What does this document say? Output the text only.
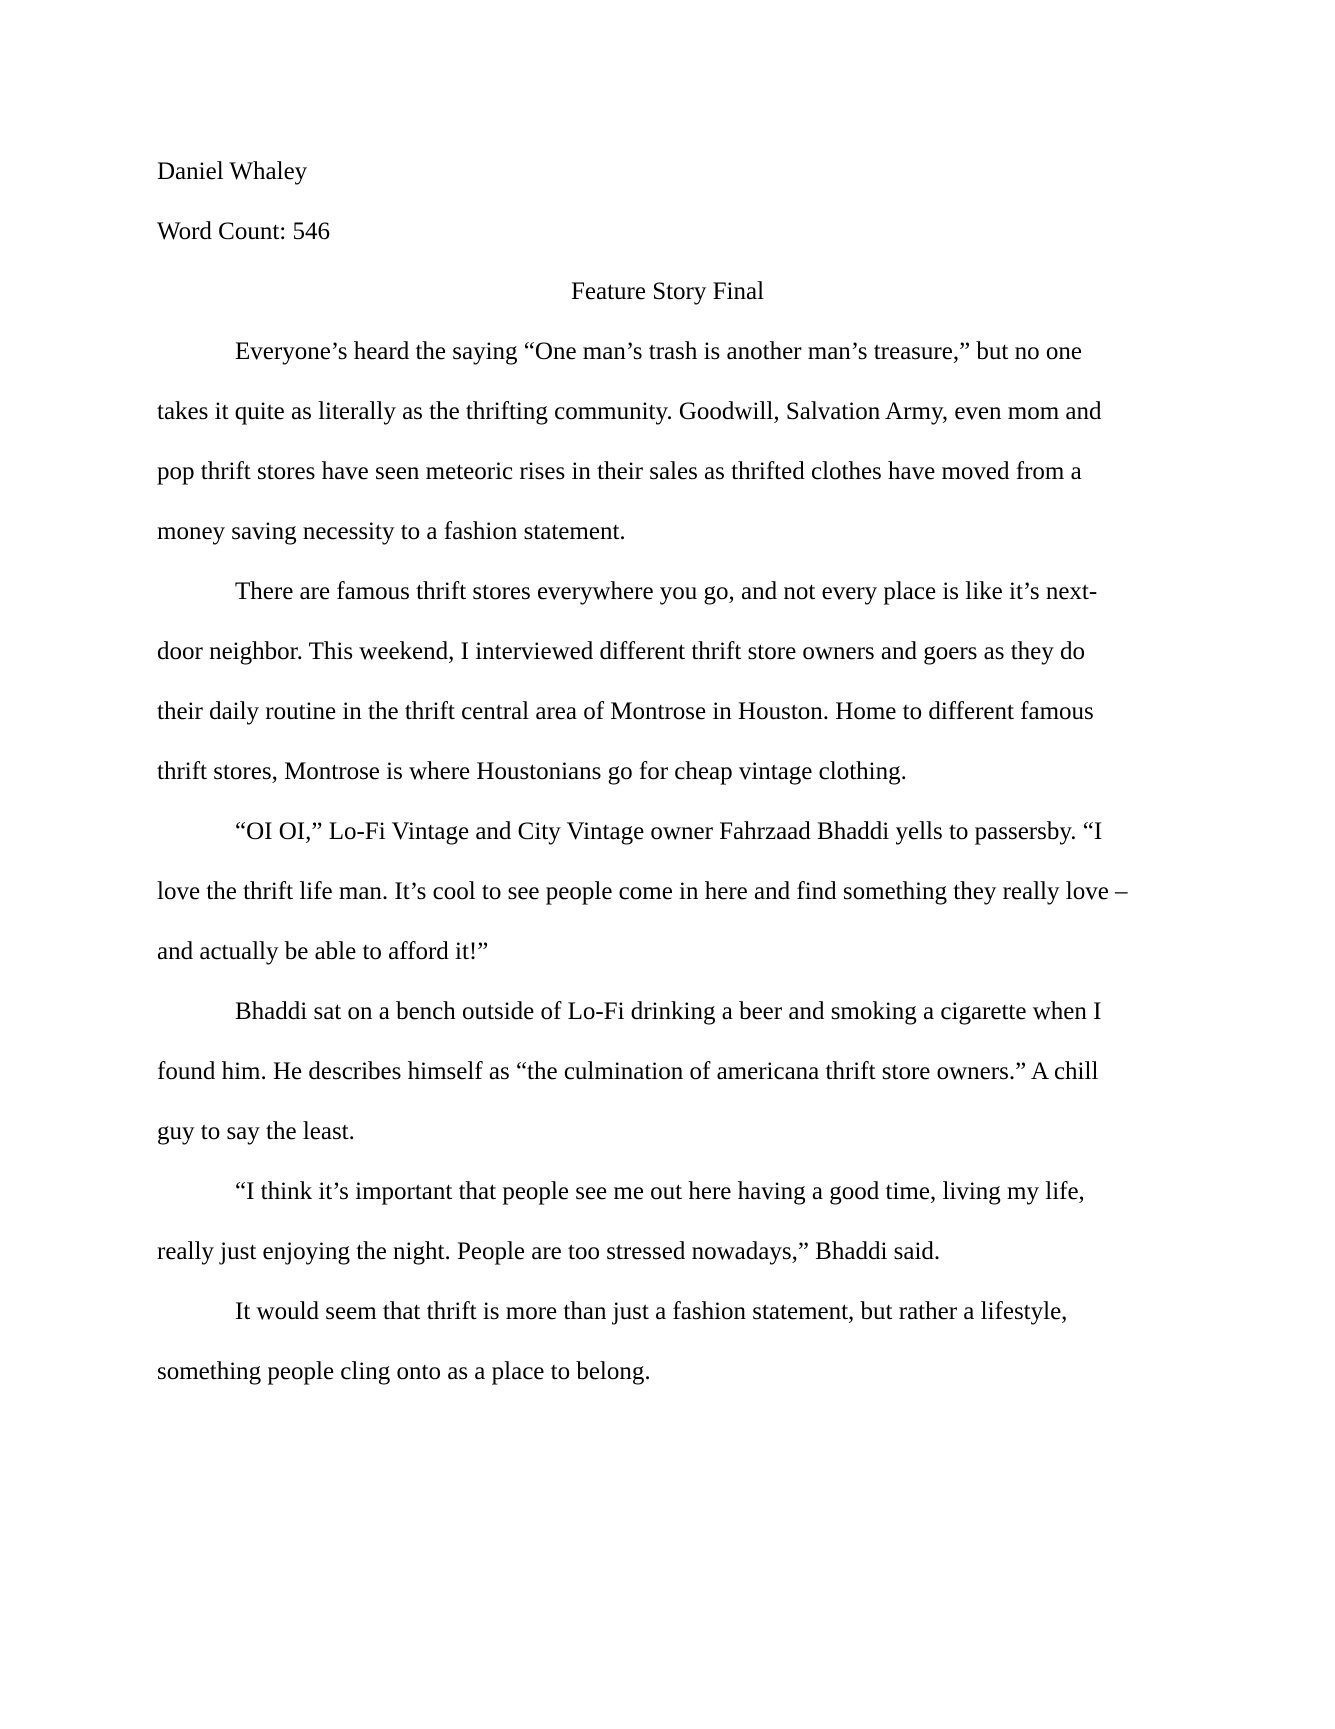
Daniel Whaley
Word Count: 546
Feature Story Final
Everyone’s heard the saying “One man’s trash is another man’s treasure,” but no one
takes it quite as literally as the thrifting community. Goodwill, Salvation Army, even mom and
pop thrift stores have seen meteoric rises in their sales as thrifted clothes have moved from a
money saving necessity to a fashion statement.
There are famous thrift stores everywhere you go, and not every place is like it’s next-
door neighbor. This weekend, I interviewed different thrift store owners and goers as they do
their daily routine in the thrift central area of Montrose in Houston. Home to different famous
thrift stores, Montrose is where Houstonians go for cheap vintage clothing.
“OI OI,” Lo-Fi Vintage and City Vintage owner Fahrzaad Bhaddi yells to passersby. “I
love the thrift life man. It’s cool to see people come in here and find something they really love –
and actually be able to afford it!”
Bhaddi sat on a bench outside of Lo-Fi drinking a beer and smoking a cigarette when I
found him. He describes himself as “the culmination of americana thrift store owners.” A chill
guy to say the least.
“I think it’s important that people see me out here having a good time, living my life,
really just enjoying the night. People are too stressed nowadays,” Bhaddi said.
It would seem that thrift is more than just a fashion statement, but rather a lifestyle,
something people cling onto as a place to belong.
